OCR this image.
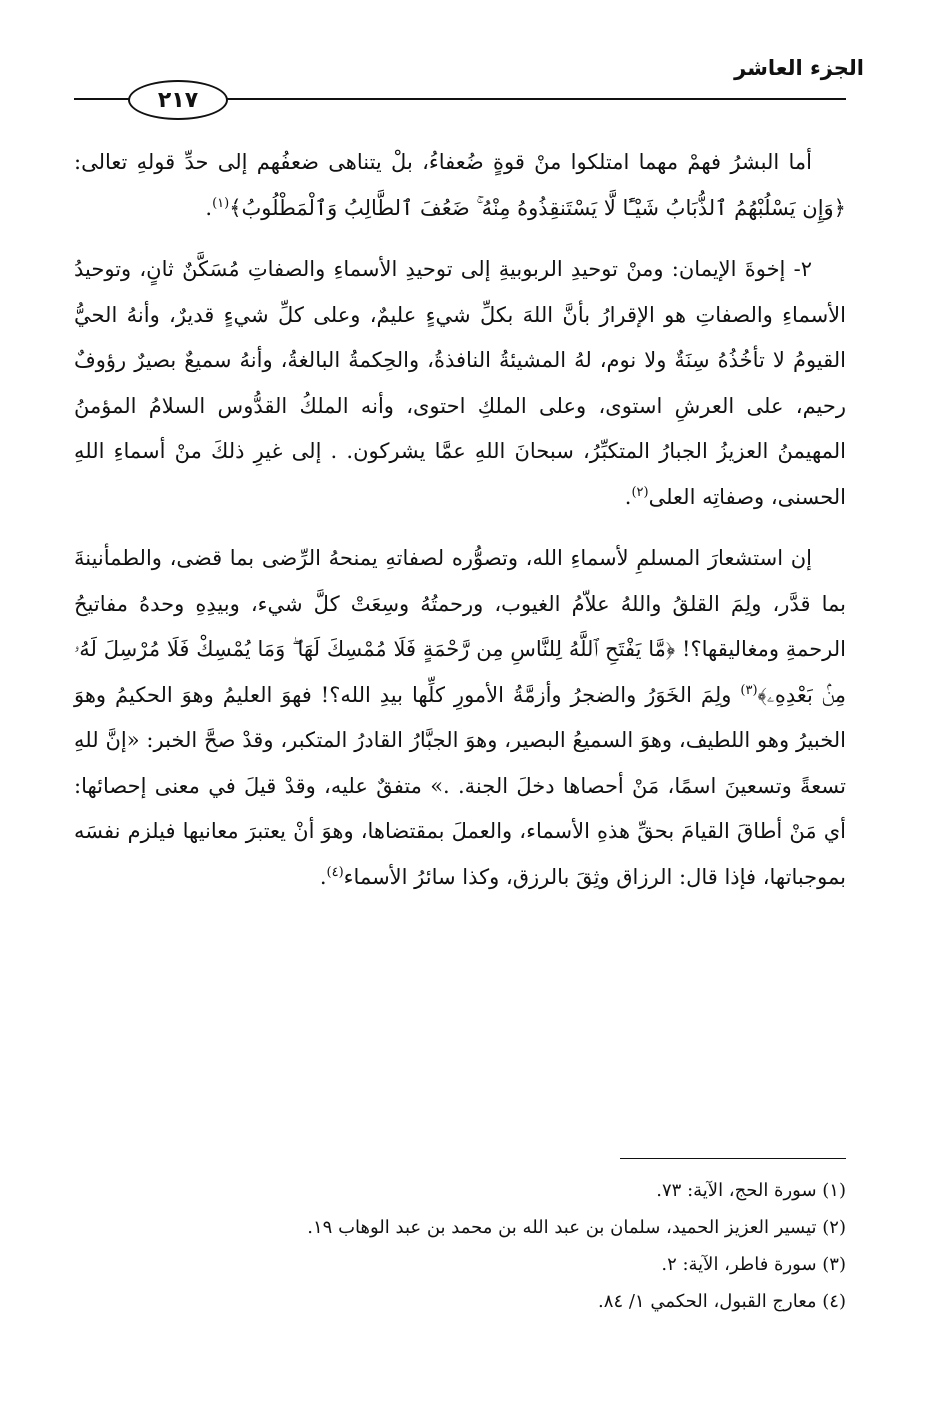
الجزء العاشر
٢١٧

أما البشرُ فهمْ مهما امتلكوا منْ قوةٍ ضُعفاءُ، بلْ يتناهى ضعفُهم إلى حدِّ قولهِ تعالى: ﴿وَإِن يَسْلُبْهُمُ ٱلذُّبَابُ شَيْـًٔا لَّا يَسْتَنقِذُوهُ مِنْهُ ۚ ضَعُفَ ٱلطَّالِبُ وَٱلْمَطْلُوبُ﴾$^{(١)}$.

٢- إخوةَ الإيمان: ومنْ توحيدِ الربوبيةِ إلى توحيدِ الأسماءِ والصفاتِ مُسَكَّنٌ ثانٍ، وتوحيدُ الأسماءِ والصفاتِ هو الإقرارُ بأنَّ اللهَ بكلِّ شيءٍ عليمٌ، وعلى كلِّ شيءٍ قديرٌ، وأنهُ الحيُّ القيومُ لا تأخُذُهُ سِنَةٌ ولا نوم، لهُ المشيئةُ النافذةُ، والحِكمةُ البالغةُ، وأنهُ سميعٌ بصيرٌ رؤوفٌ رحيم، على العرشِ استوى، وعلى الملكِ احتوى، وأنه الملكُ القدُّوس السلامُ المؤمنُ المهيمنُ العزيزُ الجبارُ المتكبِّرُ، سبحانَ اللهِ عمَّا يشركون. . إلى غيرِ ذلكَ منْ أسماءِ اللهِ الحسنى، وصفاتِه العلى$^{(٢)}$.

إن استشعارَ المسلمِ لأسماءِ الله، وتصوُّره لصفاتهِ يمنحهُ الرِّضى بما قضى، والطمأنينةَ بما قدَّر، ولِمَ القلقُ واللهُ علاّمُ الغيوب، ورحمتُهُ وسِعَتْ كلَّ شيء، وبيدِهِ وحدهُ مفاتيحُ الرحمةِ ومغاليقها؟! ﴿مَّا يَفْتَحِ ٱللَّهُ لِلنَّاسِ مِن رَّحْمَةٍ فَلَا مُمْسِكَ لَهَا ۖ وَمَا يُمْسِكْ فَلَا مُرْسِلَ لَهُۥ مِنۢ بَعْدِهِۦ﴾$^{(٣)}$ ولِمَ الخَوَرُ والضجرُ وأزمَّةُ الأمورِ كلِّها بيدِ الله؟! فهوَ العليمُ وهوَ الحكيمُ وهوَ الخبيرُ وهو اللطيف، وهوَ السميعُ البصير، وهوَ الجبَّارُ القادرُ المتكبر، وقدْ صحَّ الخبر: «إنَّ للهِ تسعةً وتسعينَ اسمًا، مَنْ أحصاها دخلَ الجنة. .» متفقٌ عليه، وقدْ قيلَ في معنى إحصائها: أي مَنْ أطاقَ القيامَ بحقِّ هذهِ الأسماء، والعملَ بمقتضاها، وهوَ أنْ يعتبرَ معانيها فيلزم نفسَه بموجباتها، فإذا قال: الرزاق وثِقَ بالرزق، وكذا سائرُ الأسماء$^{(٤)}$.

(١) سورة الحج، الآية: ٧٣.
(٢) تيسير العزيز الحميد، سلمان بن عبد الله بن محمد بن عبد الوهاب ١٩.
(٣) سورة فاطر، الآية: ٢.
(٤) معارج القبول، الحكمي ١/ ٨٤.
